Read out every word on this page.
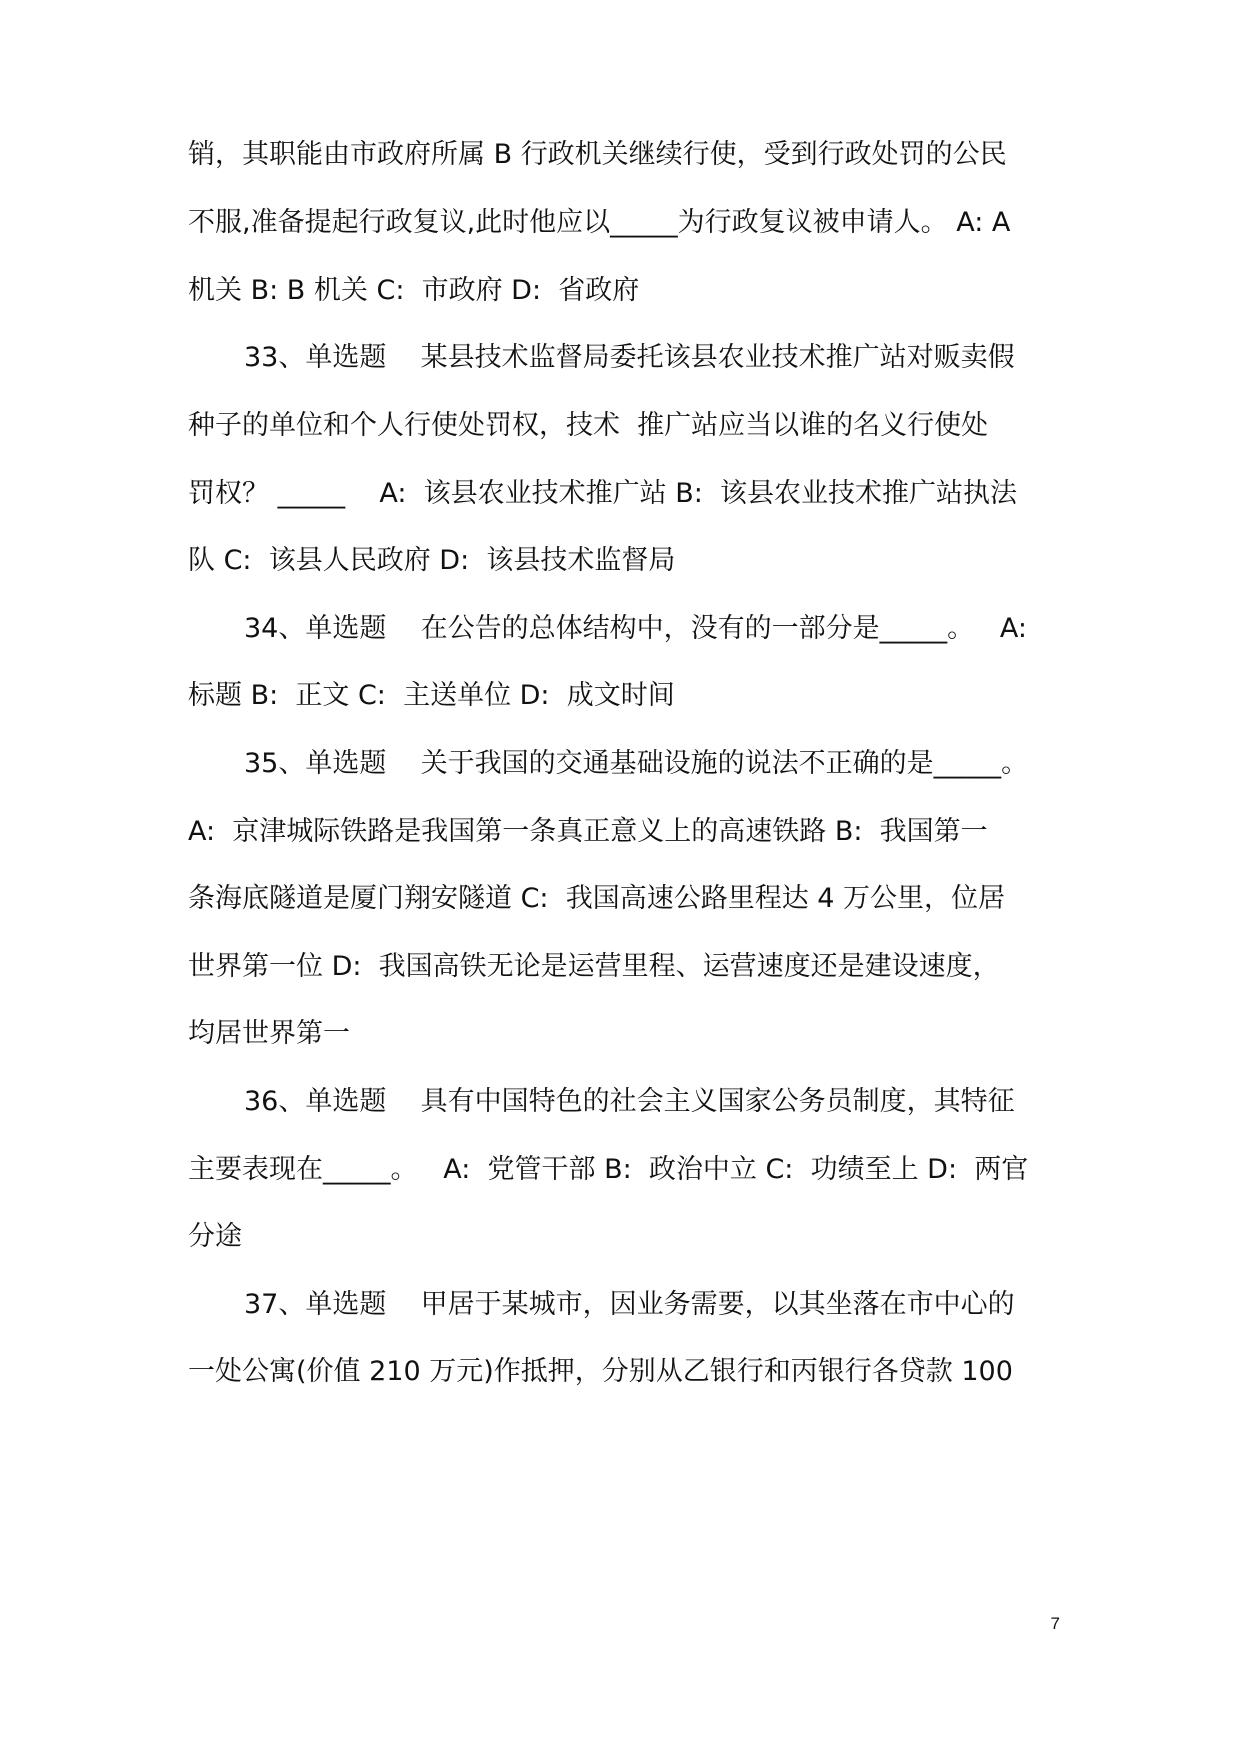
销，其职能由市政府所属 B 行政机关继续行使，受到行政处罚的公民
不服,准备提起行政复议,此时他应以_____为行政复议被申请人。 A: A
机关 B: B 机关 C:  市政府 D:  省政府
33、单选题    某县技术监督局委托该县农业技术推广站对贩卖假
种子的单位和个人行使处罚权，技术  推广站应当以谁的名义行使处
罚权？ _____    A:  该县农业技术推广站 B:  该县农业技术推广站执法
队 C:  该县人民政府 D:  该县技术监督局
34、单选题    在公告的总体结构中，没有的一部分是_____。   A:
标题 B:  正文 C:  主送单位 D:  成文时间
35、单选题    关于我国的交通基础设施的说法不正确的是_____。
A:  京津城际铁路是我国第一条真正意义上的高速铁路 B:  我国第一
条海底隧道是厦门翔安隧道 C:  我国高速公路里程达 4 万公里，位居
世界第一位 D:  我国高铁无论是运营里程、运营速度还是建设速度，
均居世界第一
36、单选题    具有中国特色的社会主义国家公务员制度，其特征
主要表现在_____。   A:  党管干部 B:  政治中立 C:  功绩至上 D:  两官
分途
37、单选题    甲居于某城市，因业务需要，以其坐落在市中心的
一处公寓(价值 210 万元)作抵押，分别从乙银行和丙银行各贷款 100
7
